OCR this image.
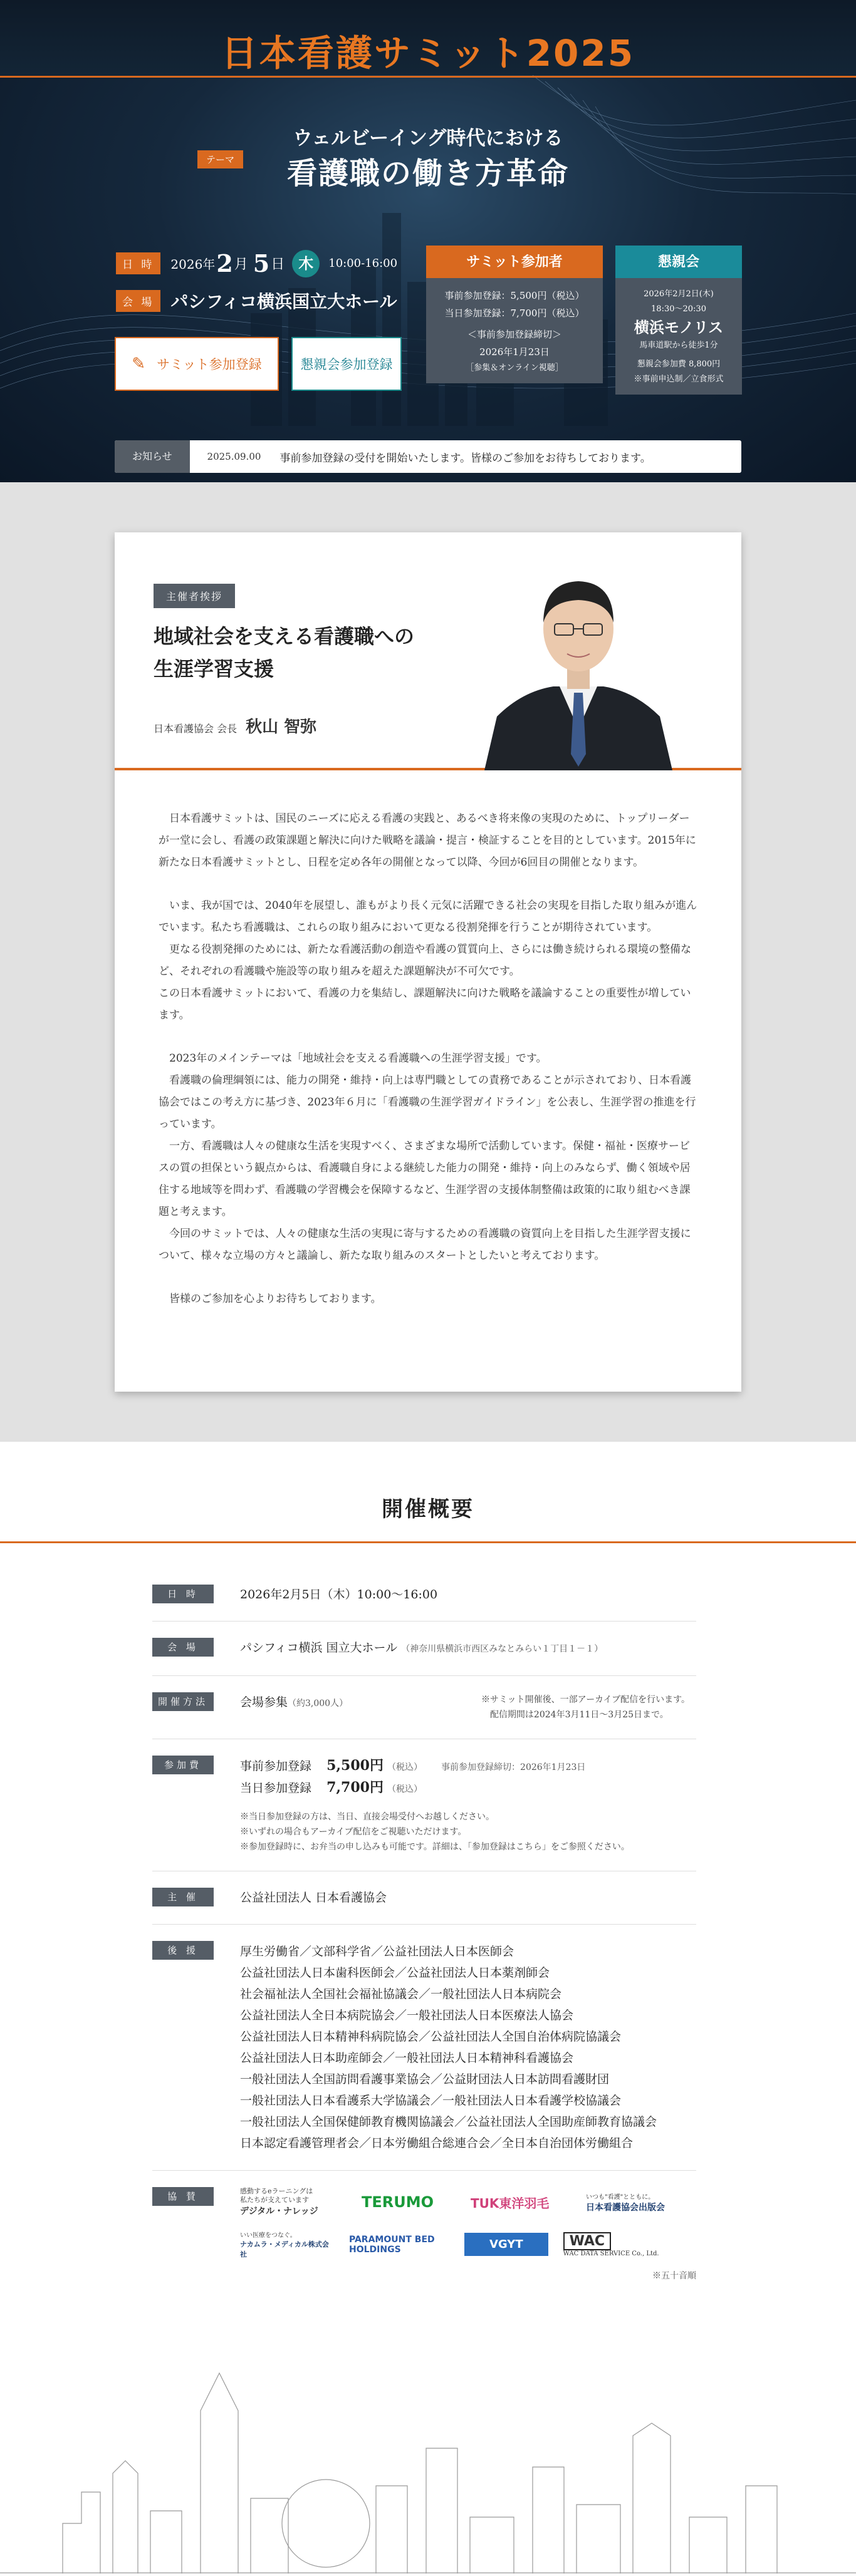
日本看護サミット2025
ウェルビーイング時代における
テーマ	看護職の働き方革命
日 時	2026年 2 月 5 日 木	10:00-16:00
会 場 パシフィコ横浜国立大ホール
✎ サミット参加登録	懇親会参加登録
サミット参加者
事前参加登録：5,500円（税込）
当日参加登録：7,700円（税込）
＜事前参加登録締切＞
2026年1月23日
［参集＆オンライン視聴］
懇親会
2026年2月2日(木)
18:30～20:30
横浜モノリス
馬車道駅から徒歩1分
懇親会参加費 8,800円
※事前申込制／立食形式
お知らせ	2025.09.00 事前参加登録の受付を開始いたします。皆様のご参加をお待ちしております。
主催者挨拶
地域社会を支える看護職への
生涯学習支援
日本看護協会 会長 秋山 智弥

　日本看護サミットは、国民のニーズに応える看護の実践と、あるべき将来像の実現のために、トップリーダーが一堂に会し、看護の政策課題と解決に向けた戦略を議論・提言・検証することを目的としています。2015年に新たな日本看護サミットとし、日程を定め各年の開催となって以降、今回が6回目の開催となります。

　いま、我が国では、2040年を展望し、誰もがより長く元気に活躍できる社会の実現を目指した取り組みが進んでいます。私たち看護職は、これらの取り組みにおいて更なる役割発揮を行うことが期待されています。
　更なる役割発揮のためには、新たな看護活動の創造や看護の質質向上、さらには働き続けられる環境の整備など、それぞれの看護職や施設等の取り組みを超えた課題解決が不可欠です。
この日本看護サミットにおいて、看護の力を集結し、課題解決に向けた戦略を議論することの重要性が増しています。

　2023年のメインテーマは「地域社会を支える看護職への生涯学習支援」です。
　看護職の倫理綱領には、能力の開発・維持・向上は専門職としての責務であることが示されており、日本看護協会ではこの考え方に基づき、2023年６月に「看護職の生涯学習ガイドライン」を公表し、生涯学習の推進を行っています。
　一方、看護職は人々の健康な生活を実現すべく、さまざまな場所で活動しています。保健・福祉・医療サービスの質の担保という観点からは、看護職自身による継続した能力の開発・維持・向上のみならず、働く領域や居住する地域等を問わず、看護職の学習機会を保障するなど、生涯学習の支援体制整備は政策的に取り組むべき課題と考えます。
　今回のサミットでは、人々の健康な生活の実現に寄与するための看護職の資質向上を目指した生涯学習支援について、様々な立場の方々と議論し、新たな取り組みのスタートとしたいと考えております。

　皆様のご参加を心よりお待ちしております。

開催概要
日 時	2026年2月5日（木）10:00～16:00
会 場	パシフィコ横浜 国立大ホール （神奈川県横浜市西区みなとみらい１丁目１－１）
開催方法	会場参集（約3,000人）	※サミット開催後、一部アーカイブ配信を行います。
配信期間は2024年3月11日～3月25日まで。
参加費	事前参加登録 5,500円 （税込） 事前参加登録締切：2026年1月23日
当日参加登録 7,700円 （税込）
※当日参加登録の方は、当日、直接会場受付へお越しください。
※いずれの場合もアーカイブ配信をご視聴いただけます。
※参加登録時に、お弁当の申し込みも可能です。詳細は、「参加登録はこちら」をご参照ください。
主 催	公益社団法人 日本看護協会
後 援	厚生労働省／文部科学省／公益社団法人日本医師会
公益社団法人日本歯科医師会／公益社団法人日本薬剤師会
社会福祉法人全国社会福祉協議会／一般社団法人日本病院会
公益社団法人全日本病院協会／一般社団法人日本医療法人協会
公益社団法人日本精神科病院協会／公益社団法人全国自治体病院協議会
公益社団法人日本助産師会／一般社団法人日本精神科看護協会
一般社団法人全国訪問看護事業協会／公益財団法人日本訪問看護財団
一般社団法人日本看護系大学協議会／一般社団法人日本看護学校協議会
一般社団法人全国保健師教育機関協議会／公益社団法人全国助産師教育協議会
日本認定看護管理者会／日本労働組合総連合会／全日本自治団体労働組合
協 賛	感動するeラーニングは
私たちが支えています
デジタル・ナレッジ
TERUMO	TUK東洋羽毛	いつも"看護"とともに。
日本看護協会出版会
いい医療をつなぐ。
ナカムラ・メディカル株式会社
PARAMOUNT BED HOLDINGS	VGYT	WAC
WAC DATA SERVICE Co., Ltd.
※五十音順
